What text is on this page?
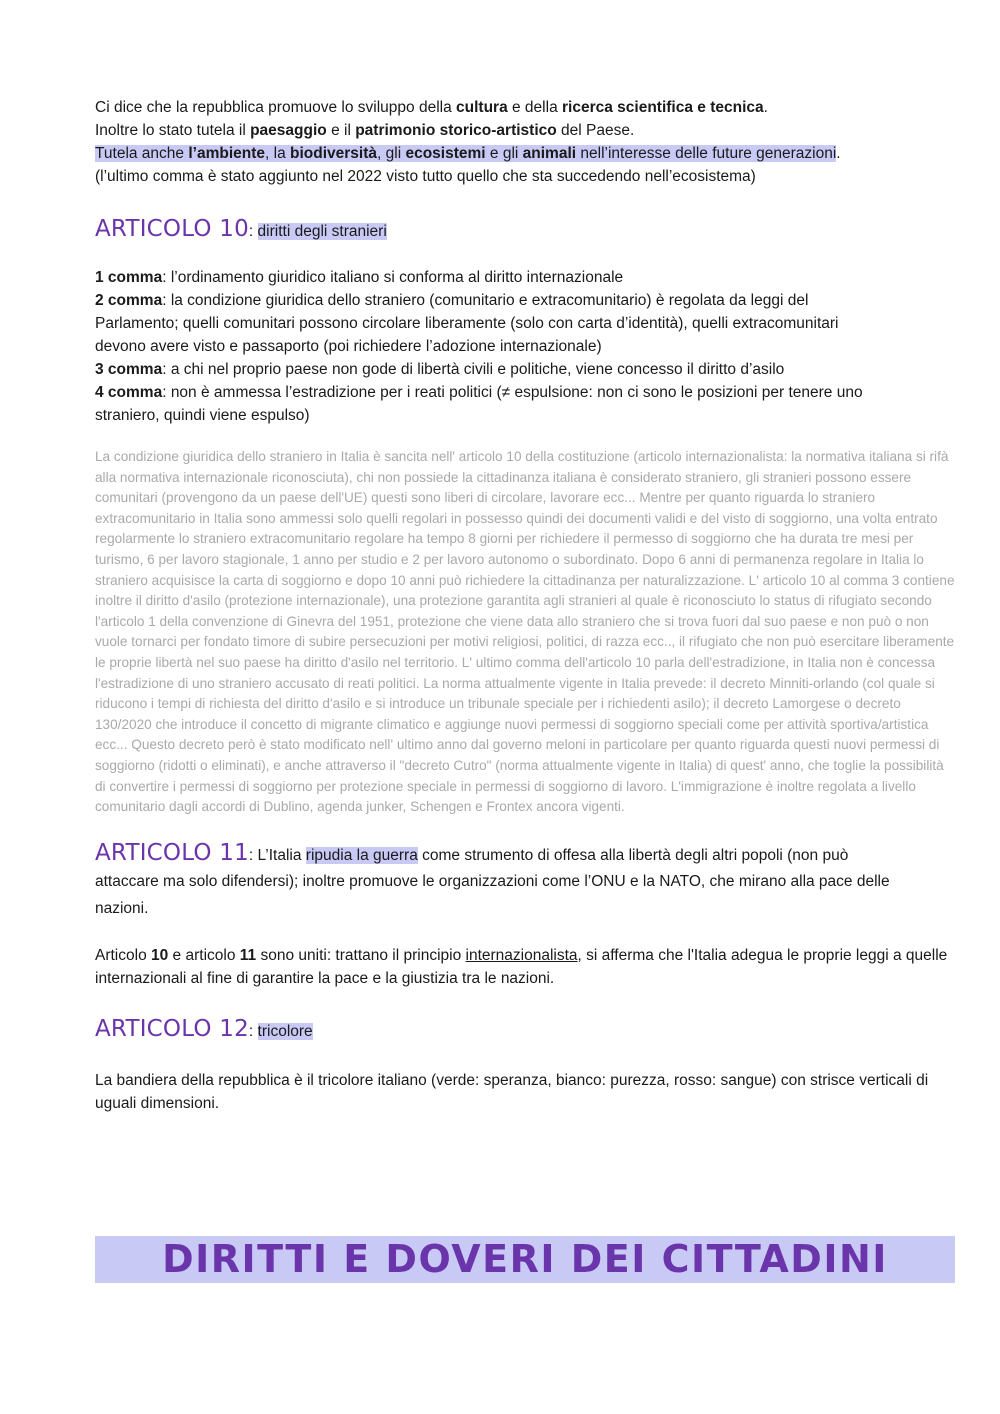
Ci dice che la repubblica promuove lo sviluppo della cultura e della ricerca scientifica e tecnica.
Inoltre lo stato tutela il paesaggio e il patrimonio storico-artistico del Paese.
Tutela anche l’ambiente, la biodiversità, gli ecosistemi e gli animali nell’interesse delle future generazioni.
(l’ultimo comma è stato aggiunto nel 2022 visto tutto quello che sta succedendo nell’ecosistema)
ARTICOLO 10: diritti degli stranieri
1 comma: l’ordinamento giuridico italiano si conforma al diritto internazionale
2 comma: la condizione giuridica dello straniero (comunitario e extracomunitario) è regolata da leggi del Parlamento; quelli comunitari possono circolare liberamente (solo con carta d’identità), quelli extracomunitari devono avere visto e passaporto (poi richiedere l’adozione internazionale)
3 comma: a chi nel proprio paese non gode di libertà civili e politiche, viene concesso il diritto d’asilo
4 comma: non è ammessa l’estradizione per i reati politici (≠ espulsione: non ci sono le posizioni per tenere uno straniero, quindi viene espulso)

La condizione giuridica dello straniero in Italia è sancita nell' articolo 10 della costituzione (articolo internazionalista: la normativa italiana si rifà alla normativa internazionale riconosciuta), chi non possiede la cittadinanza italiana è considerato straniero, gli stranieri possono essere comunitari (provengono da un paese dell'UE) questi sono liberi di circolare, lavorare ecc... Mentre per quanto riguarda lo straniero extracomunitario in Italia sono ammessi solo quelli regolari in possesso quindi dei documenti validi e del visto di soggiorno, una volta entrato regolarmente lo straniero extracomunitario regolare ha tempo 8 giorni per richiedere il permesso di soggiorno che ha durata tre mesi per turismo, 6 per lavoro stagionale, 1 anno per studio e 2 per lavoro autonomo o subordinato. Dopo 6 anni di permanenza regolare in Italia lo straniero acquisisce la carta di soggiorno e dopo 10 anni può richiedere la cittadinanza per naturalizzazione. L' articolo 10 al comma 3 contiene inoltre il diritto d'asilo (protezione internazionale), una protezione garantita agli stranieri al quale è riconosciuto lo status di rifugiato secondo l'articolo 1 della convenzione di Ginevra del 1951, protezione che viene data allo straniero che si trova fuori dal suo paese e non può o non vuole tornarci per fondato timore di subire persecuzioni per motivi religiosi, politici, di razza ecc.., il rifugiato che non può esercitare liberamente le proprie libertà nel suo paese ha diritto d'asilo nel territorio. L' ultimo comma dell'articolo 10 parla dell'estradizione, in Italia non è concessa l'estradizione di uno straniero accusato di reati politici. La norma attualmente vigente in Italia prevede: il decreto Minniti-orlando (col quale si riducono i tempi di richiesta del diritto d'asilo e si introduce un tribunale speciale per i richiedenti asilo); il decreto Lamorgese o decreto 130/2020 che introduce il concetto di migrante climatico e aggiunge nuovi permessi di soggiorno speciali come per attività sportiva/artistica ecc... Questo decreto però è stato modificato nell' ultimo anno dal governo meloni in particolare per quanto riguarda questi nuovi permessi di soggiorno (ridotti o eliminati), e anche attraverso il "decreto Cutro" (norma attualmente vigente in Italia) di quest' anno, che toglie la possibilità di convertire i permessi di soggiorno per protezione speciale in permessi di soggiorno di lavoro. L'immigrazione è inoltre regolata a livello comunitario dagli accordi di Dublino, agenda junker, Schengen e Frontex ancora vigenti.

ARTICOLO 11: L’Italia ripudia la guerra come strumento di offesa alla libertà degli altri popoli (non può attaccare ma solo difendersi); inoltre promuove le organizzazioni come l’ONU e la NATO, che mirano alla pace delle nazioni.
Articolo 10 e articolo 11 sono uniti: trattano il principio internazionalista, si afferma che l'Italia adegua le proprie leggi a quelle internazionali al fine di garantire la pace e la giustizia tra le nazioni.
ARTICOLO 12: tricolore

La bandiera della repubblica è il tricolore italiano (verde: speranza, bianco: purezza, rosso: sangue) con strisce verticali di uguali dimensioni.

DIRITTI E DOVERI DEI CITTADINI
